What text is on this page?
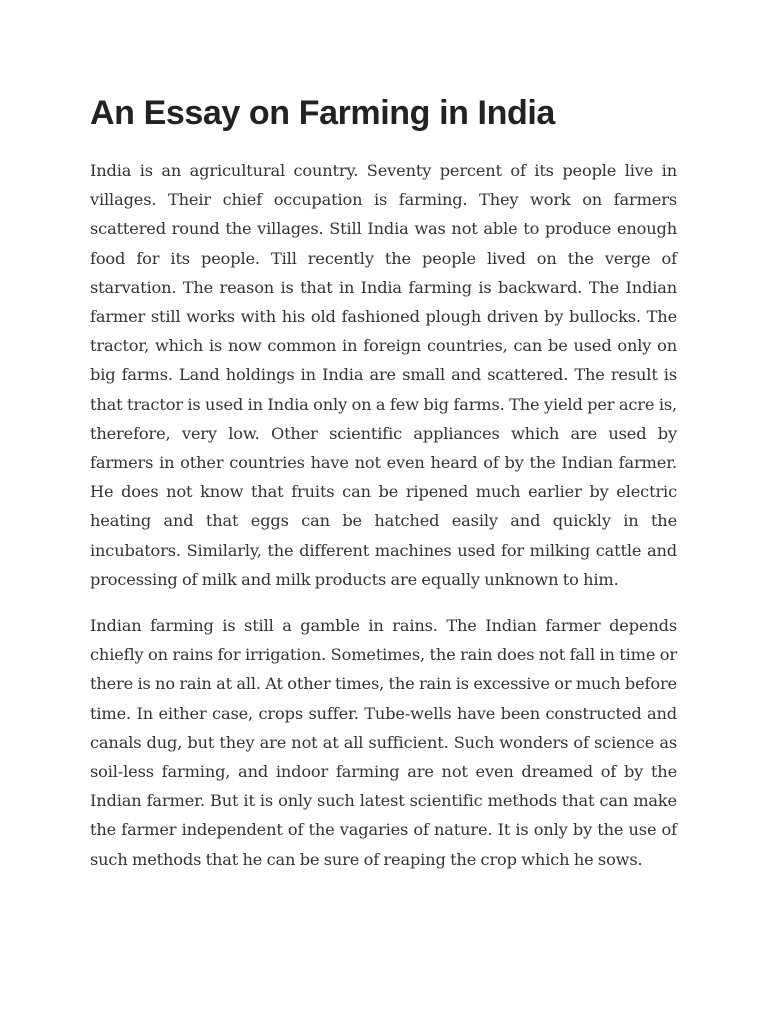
An Essay on Farming in India

India is an agricultural country. Seventy percent of its people live in villages. Their chief occupation is farming. They work on farmers scattered round the villages. Still India was not able to produce enough food for its people. Till recently the people lived on the verge of starvation. The reason is that in India farming is backward. The Indian farmer still works with his old fashioned plough driven by bullocks. The tractor, which is now common in foreign countries, can be used only on big farms. Land holdings in India are small and scattered. The result is that tractor is used in India only on a few big farms. The yield per acre is, therefore, very low. Other scientific appliances which are used by farmers in other countries have not even heard of by the Indian farmer. He does not know that fruits can be ripened much earlier by electric heating and that eggs can be hatched easily and quickly in the incubators. Similarly, the different machines used for milking cattle and processing of milk and milk products are equally unknown to him.

Indian farming is still a gamble in rains. The Indian farmer depends chiefly on rains for irrigation. Sometimes, the rain does not fall in time or there is no rain at all. At other times, the rain is excessive or much before time. In either case, crops suffer. Tube-wells have been constructed and canals dug, but they are not at all sufficient. Such wonders of science as soil-less farming, and indoor farming are not even dreamed of by the Indian farmer. But it is only such latest scientific methods that can make the farmer independent of the vagaries of nature. It is only by the use of such methods that he can be sure of reaping the crop which he sows.
